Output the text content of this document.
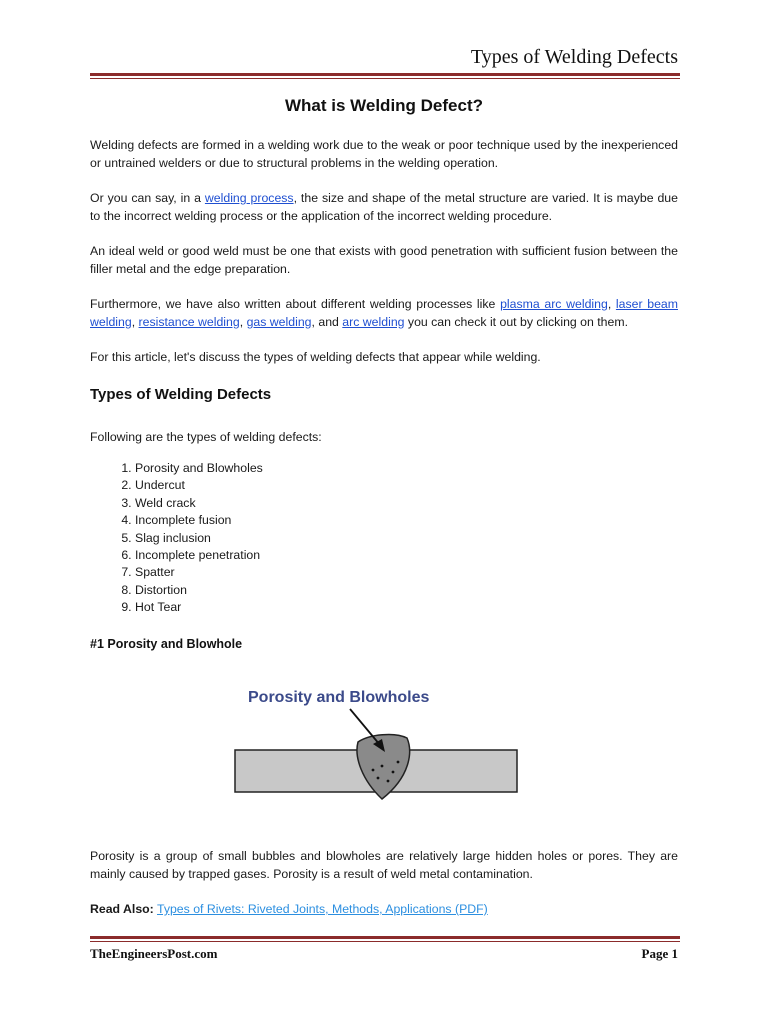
Types of Welding Defects
What is Welding Defect?

Welding defects are formed in a welding work due to the weak or poor technique used by the inexperienced or untrained welders or due to structural problems in the welding operation.

Or you can say, in a welding process, the size and shape of the metal structure are varied. It is maybe due to the incorrect welding process or the application of the incorrect welding procedure.

An ideal weld or good weld must be one that exists with good penetration with sufficient fusion between the filler metal and the edge preparation.

Furthermore, we have also written about different welding processes like plasma arc welding, laser beam welding, resistance welding, gas welding, and arc welding you can check it out by clicking on them.

For this article, let's discuss the types of welding defects that appear while welding.

Types of Welding Defects
Following are the types of welding defects:
1. Porosity and Blowholes
2. Undercut
3. Weld crack
4. Incomplete fusion
5. Slag inclusion
6. Incomplete penetration
7. Spatter
8. Distortion
9. Hot Tear
#1 Porosity and Blowhole
Porosity and Blowholes

Porosity is a group of small bubbles and blowholes are relatively large hidden holes or pores. They are mainly caused by trapped gases. Porosity is a result of weld metal contamination.

Read Also: Types of Rivets: Riveted Joints, Methods, Applications (PDF)

TheEngineersPost.com	Page 1
